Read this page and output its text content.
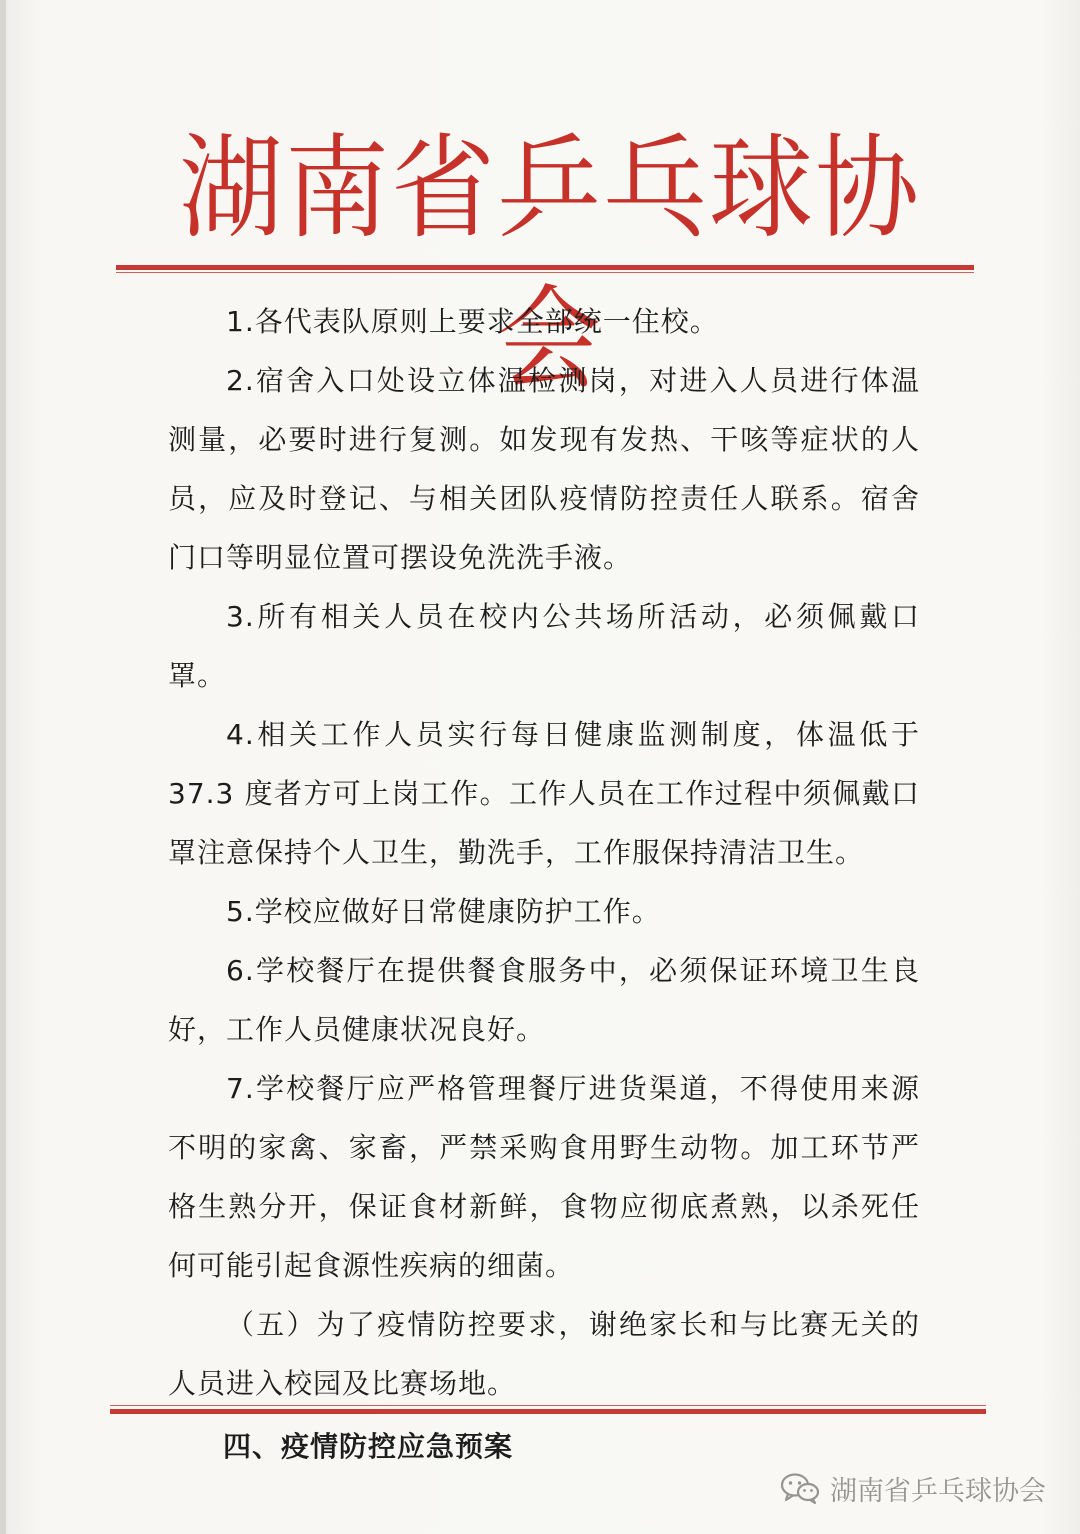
湖南省乒乓球协会

1.各代表队原则上要求全部统一住校。

2.宿舍入口处设立体温检测岗，对进入人员进行体温测量，必要时进行复测。如发现有发热、干咳等症状的人员，应及时登记、与相关团队疫情防控责任人联系。宿舍门口等明显位置可摆设免洗洗手液。

3.所有相关人员在校内公共场所活动，必须佩戴口罩。

4.相关工作人员实行每日健康监测制度，体温低于 37.3 度者方可上岗工作。工作人员在工作过程中须佩戴口罩注意保持个人卫生，勤洗手，工作服保持清洁卫生。

5.学校应做好日常健康防护工作。

6.学校餐厅在提供餐食服务中，必须保证环境卫生良好，工作人员健康状况良好。

7.学校餐厅应严格管理餐厅进货渠道，不得使用来源不明的家禽、家畜，严禁采购食用野生动物。加工环节严格生熟分开，保证食材新鲜，食物应彻底煮熟，以杀死任何可能引起食源性疾病的细菌。

（五）为了疫情防控要求，谢绝家长和与比赛无关的人员进入校园及比赛场地。

四、疫情防控应急预案

湖南省乒乓球协会
